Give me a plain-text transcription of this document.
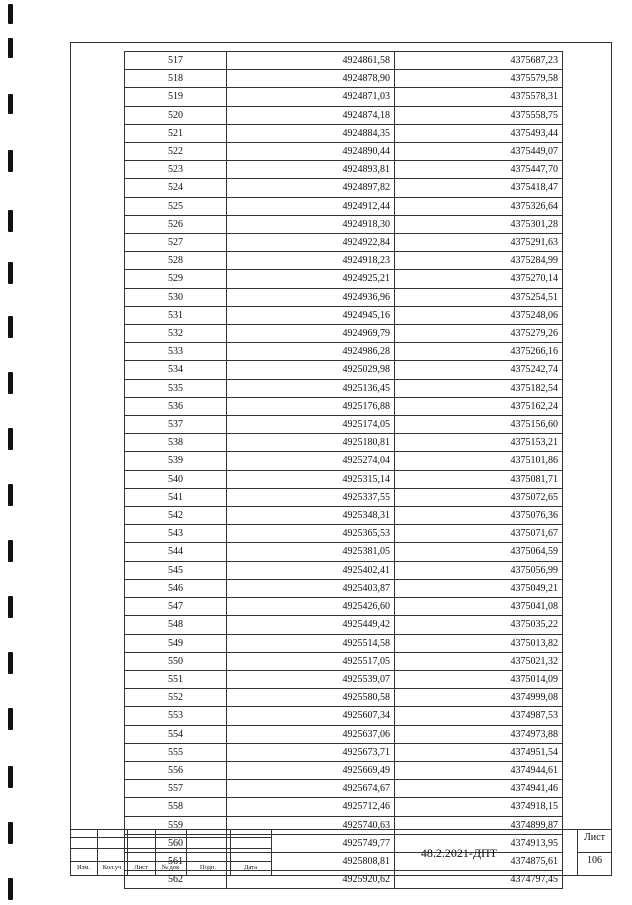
517	4924861,58	4375687,23
518	4924878,90	4375579,58
519	4924871,03	4375578,31
520	4924874,18	4375558,75
521	4924884,35	4375493,44
522	4924890,44	4375449,07
523	4924893,81	4375447,70
524	4924897,82	4375418,47
525	4924912,44	4375326,64
526	4924918,30	4375301,28
527	4924922,84	4375291,63
528	4924918,23	4375284,99
529	4924925,21	4375270,14
530	4924936,96	4375254,51
531	4924945,16	4375248,06
532	4924969,79	4375279,26
533	4924986,28	4375266,16
534	4925029,98	4375242,74
535	4925136,45	4375182,54
536	4925176,88	4375162,24
537	4925174,05	4375156,60
538	4925180,81	4375153,21
539	4925274,04	4375101,86
540	4925315,14	4375081,71
541	4925337,55	4375072,65
542	4925348,31	4375076,36
543	4925365,53	4375071,67
544	4925381,05	4375064,59
545	4925402,41	4375056,99
546	4925403,87	4375049,21
547	4925426,60	4375041,08
548	4925449,42	4375035,22
549	4925514,58	4375013,82
550	4925517,05	4375021,32
551	4925539,07	4375014,09
552	4925580,58	4374999,08
553	4925607,34	4374987,53
554	4925637,06	4374973,88
555	4925673,71	4374951,54
556	4925669,49	4374944,61
557	4925674,67	4374941,46
558	4925712,46	4374918,15
559	4925740,63	4374899,87
560	4925749,77	4374913,95
561	4925808,81	4374875,61
562	4925920,62	4374797,45
Изм.	Кол.уч	Лист	№ док	Подп.	Дата
48.2.2021-ДПТ
Лист
106
